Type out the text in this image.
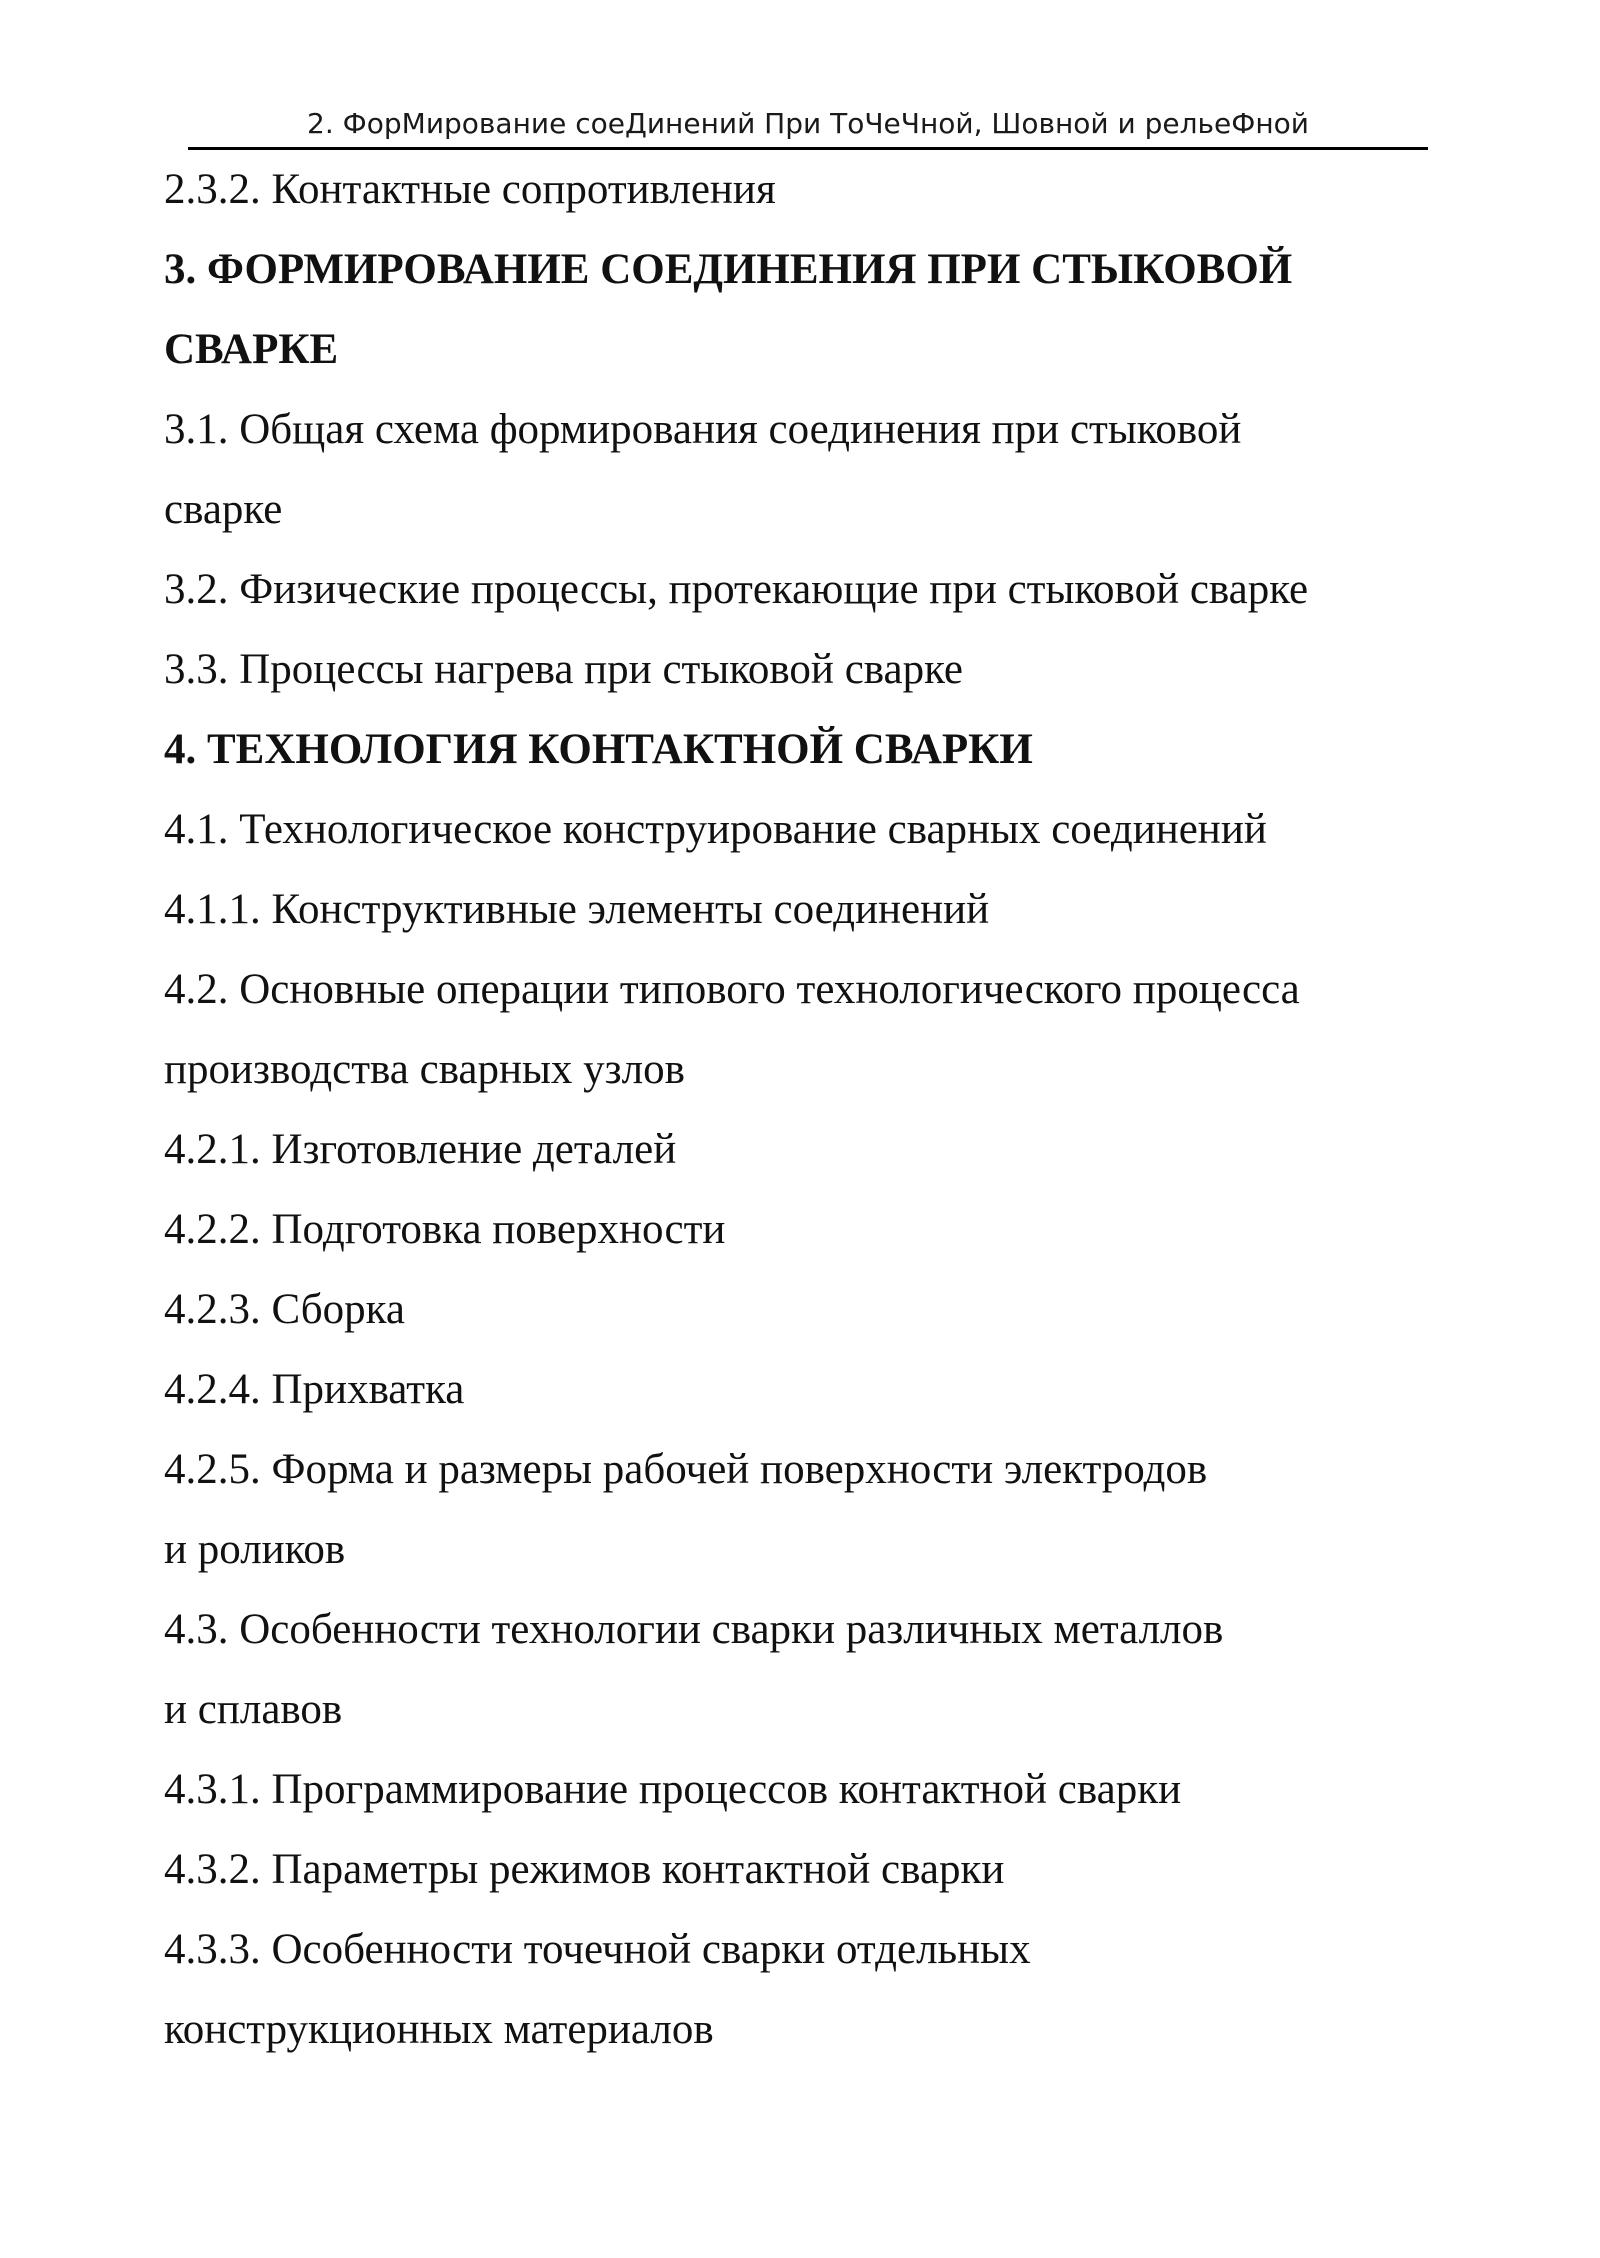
2. ФорМирование соеДинений При ТоЧеЧной, Шовной и рельеФной
2.3.2. Контактные сопротивления
3. ФОРМИРОВАНИЕ СОЕДИНЕНИЯ ПРИ СТЫКОВОЙ
СВАРКЕ
3.1. Общая схема формирования соединения при стыковой
сварке
3.2. Физические процессы, протекающие при стыковой сварке
3.3. Процессы нагрева при стыковой сварке
4. ТЕХНОЛОГИЯ КОНТАКТНОЙ СВАРКИ
4.1. Технологическое конструирование сварных соединений
4.1.1. Конструктивные элементы соединений
4.2. Основные операции типового технологического процесса
производства сварных узлов
4.2.1. Изготовление деталей
4.2.2. Подготовка поверхности
4.2.3. Сборка
4.2.4. Прихватка
4.2.5. Форма и размеры рабочей поверхности электродов
и роликов
4.3. Особенности технологии сварки различных металлов
и сплавов
4.3.1. Программирование процессов контактной сварки
4.3.2. Параметры режимов контактной сварки
4.3.3. Особенности точечной сварки отдельных
конструкционных материалов
